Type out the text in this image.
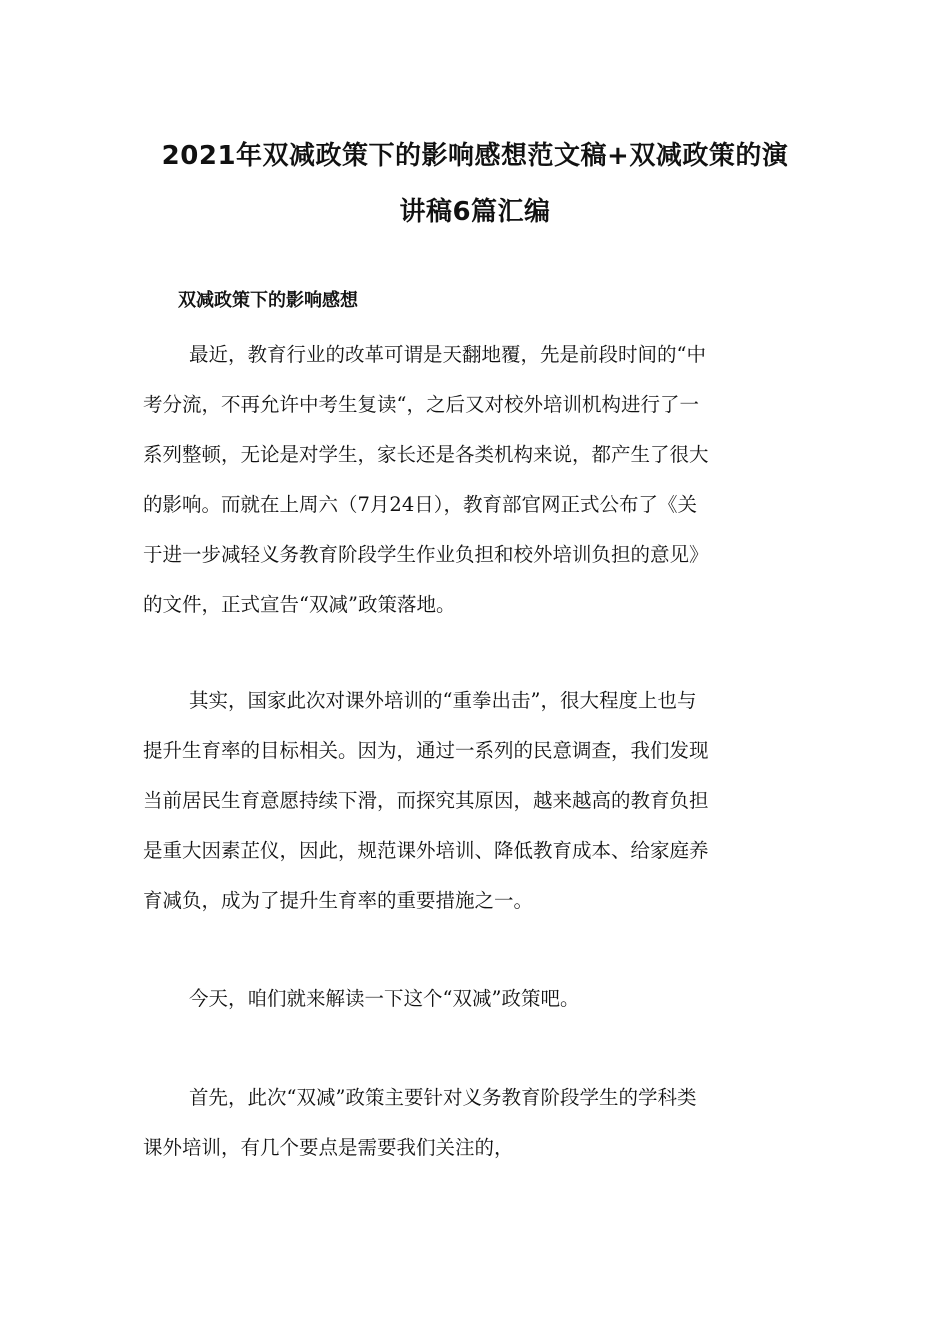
2021年双减政策下的影响感想范文稿+双减政策的演
讲稿6篇汇编
双减政策下的影响感想

最近，教育行业的改革可谓是天翻地覆，先是前段时间的“中
考分流，不再允许中考生复读“，之后又对校外培训机构进行了一
系列整顿，无论是对学生，家长还是各类机构来说，都产生了很大
的影响。而就在上周六（7月24日），教育部官网正式公布了《关
于进一步减轻义务教育阶段学生作业负担和校外培训负担的意见》
的文件，正式宣告“双减”政策落地。

其实，国家此次对课外培训的“重拳出击”，很大程度上也与
提升生育率的目标相关。因为，通过一系列的民意调查，我们发现
当前居民生育意愿持续下滑，而探究其原因，越来越高的教育负担
是重大因素芷仪，因此，规范课外培训、降低教育成本、给家庭养
育减负，成为了提升生育率的重要措施之一。

今天，咱们就来解读一下这个“双减”政策吧。

首先，此次“双减”政策主要针对义务教育阶段学生的学科类
课外培训，有几个要点是需要我们关注的，
